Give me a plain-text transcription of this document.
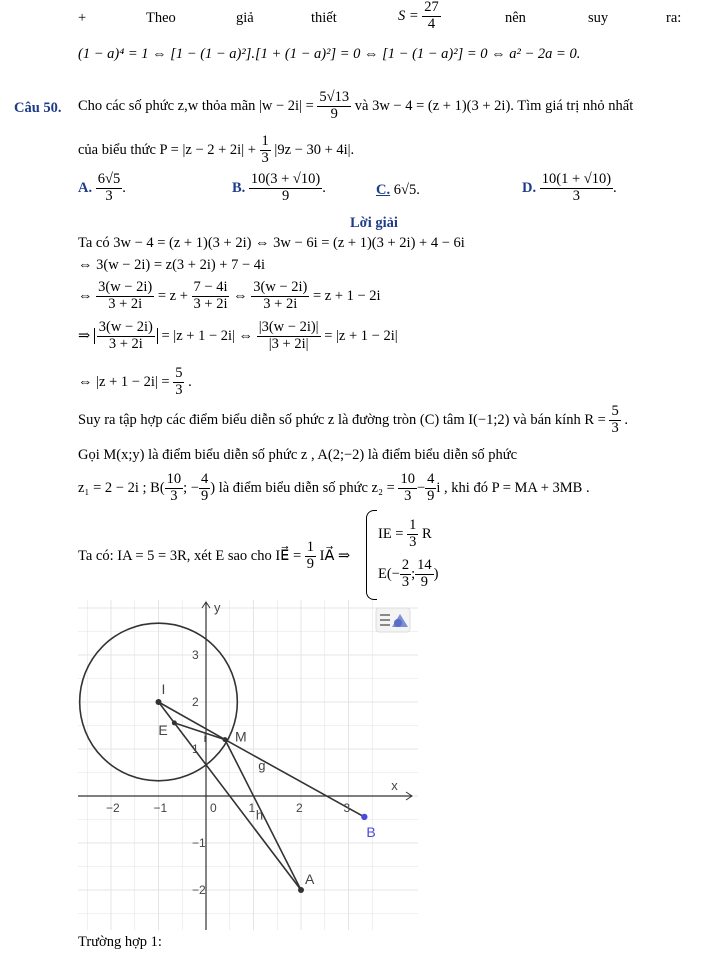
+	Theo	giả	thiết	$S = \frac{27}{4}$	nên	suy	ra:
(1 − a)⁴ = 1 ⇔ [1 − (1 − a)²].[1 + (1 − a)²] = 0 ⇔ [1 − (1 − a)²] = 0 ⇔ a² − 2a = 0.
Câu 50. Cho các số phức z,w thỏa mãn $|w - 2i| = \frac{5√13}{9}$ và 3w − 4 = (z + 1)(3 + 2i). Tìm giá trị nhỏ nhất
của biểu thức $P = |z - 2 + 2i| + \frac{1}{3} |9z - 30 + 4i|$.
A. $\frac{6√5}{3}$ .	B. $\frac{10(3 + √10)}{9}$ .	C. 6√5.	D. $\frac{10(1 + √10)}{3}$ .
Lời giải
Ta có 3w − 4 = (z + 1)(3 + 2i) ⇔ 3w − 6i = (z + 1)(3 + 2i) + 4 − 6i
⇔ 3(w − 2i) = z(3 + 2i) + 7 − 4i
⇔ $\frac{3(w - 2i)}{3 + 2i} = z + \frac{7 - 4i}{3 + 2i}$ ⇔ $\frac{3(w - 2i)}{3 + 2i} = z + 1 - 2i$
⇒ $\frac{3(w - 2i)}{3 + 2i} = |z + 1 - 2i|$ ⇔ $\frac{|3(w - 2i)|}{|3 + 2i|} = |z + 1 - 2i|$
⇔ $|z + 1 - 2i| = \frac{5}{3}$ .
Suy ra tập hợp các điểm biểu diễn số phức z là đường tròn (C) tâm I(−1;2) và bán kính $R = \frac{5}{3}$ .
Gọi M(x;y) là điểm biểu diễn số phức z , A(2;−2) là điểm biểu diễn số phức
z₁ = 2 − 2i ; $B( \frac{10}{3}$ ; − $\frac{4}{9}$ ) là điểm biểu diễn số phức $z_2 = \frac{10}{3} - \frac{4}{9}$ i , khi đó P = MA + 3MB .
Ta có: IA = 5 = 3R, xét E sao cho IE⃗ = $\frac{1}{9}$ IA⃗ ⇒
IE = $\frac{1}{3}$ R
$E(- \frac{2}{3}$ ; $\frac{14}{9}$ )
−2	−1	0	1	2	3
3
2
1
−1
−2
x
y
I
E	M
A
B
i
g
h
Trường hợp 1:
